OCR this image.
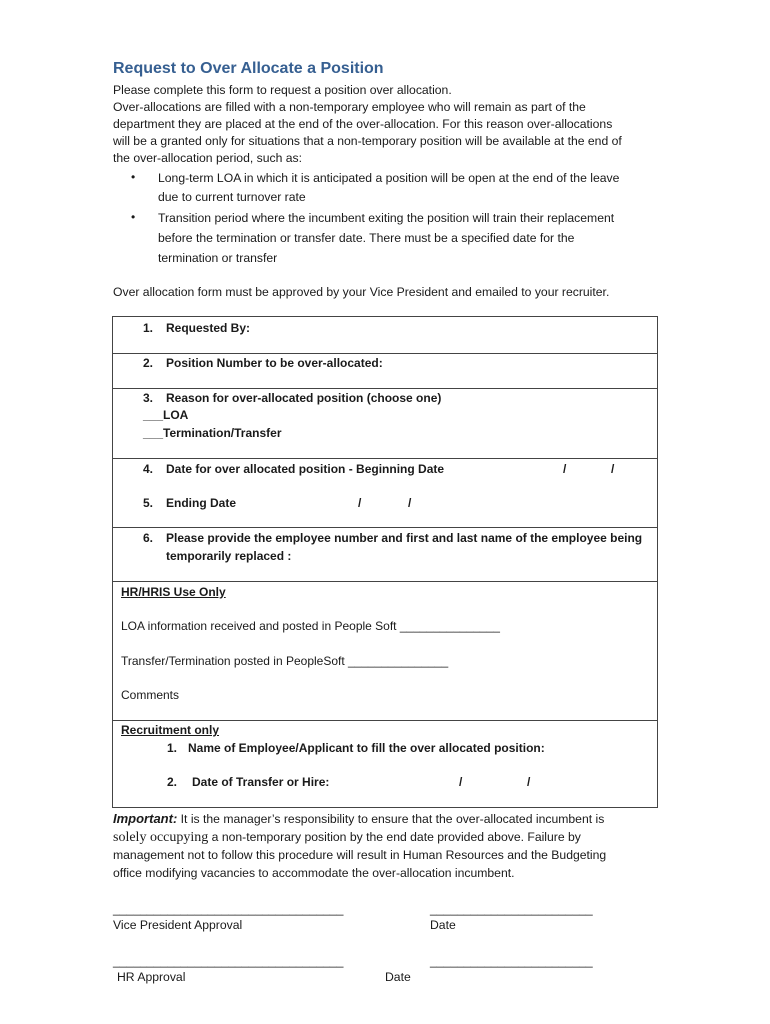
Request to Over Allocate a Position
Please complete this form to request a position over allocation.
Over-allocations are filled with a non-temporary employee who will remain as part of the
department they are placed at the end of the over-allocation. For this reason over-allocations
will be a granted only for situations that a non-temporary position will be available at the end of
the over-allocation period, such as:
•	Long-term LOA in which it is anticipated a position will be open at the end of the leave
due to current turnover rate
•	Transition period where the incumbent exiting the position will train their replacement
before the termination or transfer date. There must be a specified date for the
termination or transfer
Over allocation form must be approved by your Vice President and emailed to your recruiter.
1. Requested By:
2. Position Number to be over-allocated:
3. Reason for over-allocated position (choose one)
___LOA
___Termination/Transfer
4. Date for over allocated position - Beginning Date	/	/
5. Ending Date	/	/
6. Please provide the employee number and first and last name of the employee being
temporarily replaced :
HR/HRIS Use Only
LOA information received and posted in People Soft _______________
Transfer/Termination posted in PeopleSoft _______________
Comments
Recruitment only
1. Name of Employee/Applicant to fill the over allocated position:
2. Date of Transfer or Hire:	/	/
Important: It is the manager’s responsibility to ensure that the over-allocated incumbent is
solely occupying a non-temporary position by the end date provided above. Failure by
management not to follow this procedure will result in Human Resources and the Budgeting
office modifying vacancies to accommodate the over-allocation incumbent.
__________________________________	________________________
Vice President Approval	Date
__________________________________	________________________
HR Approval	Date
